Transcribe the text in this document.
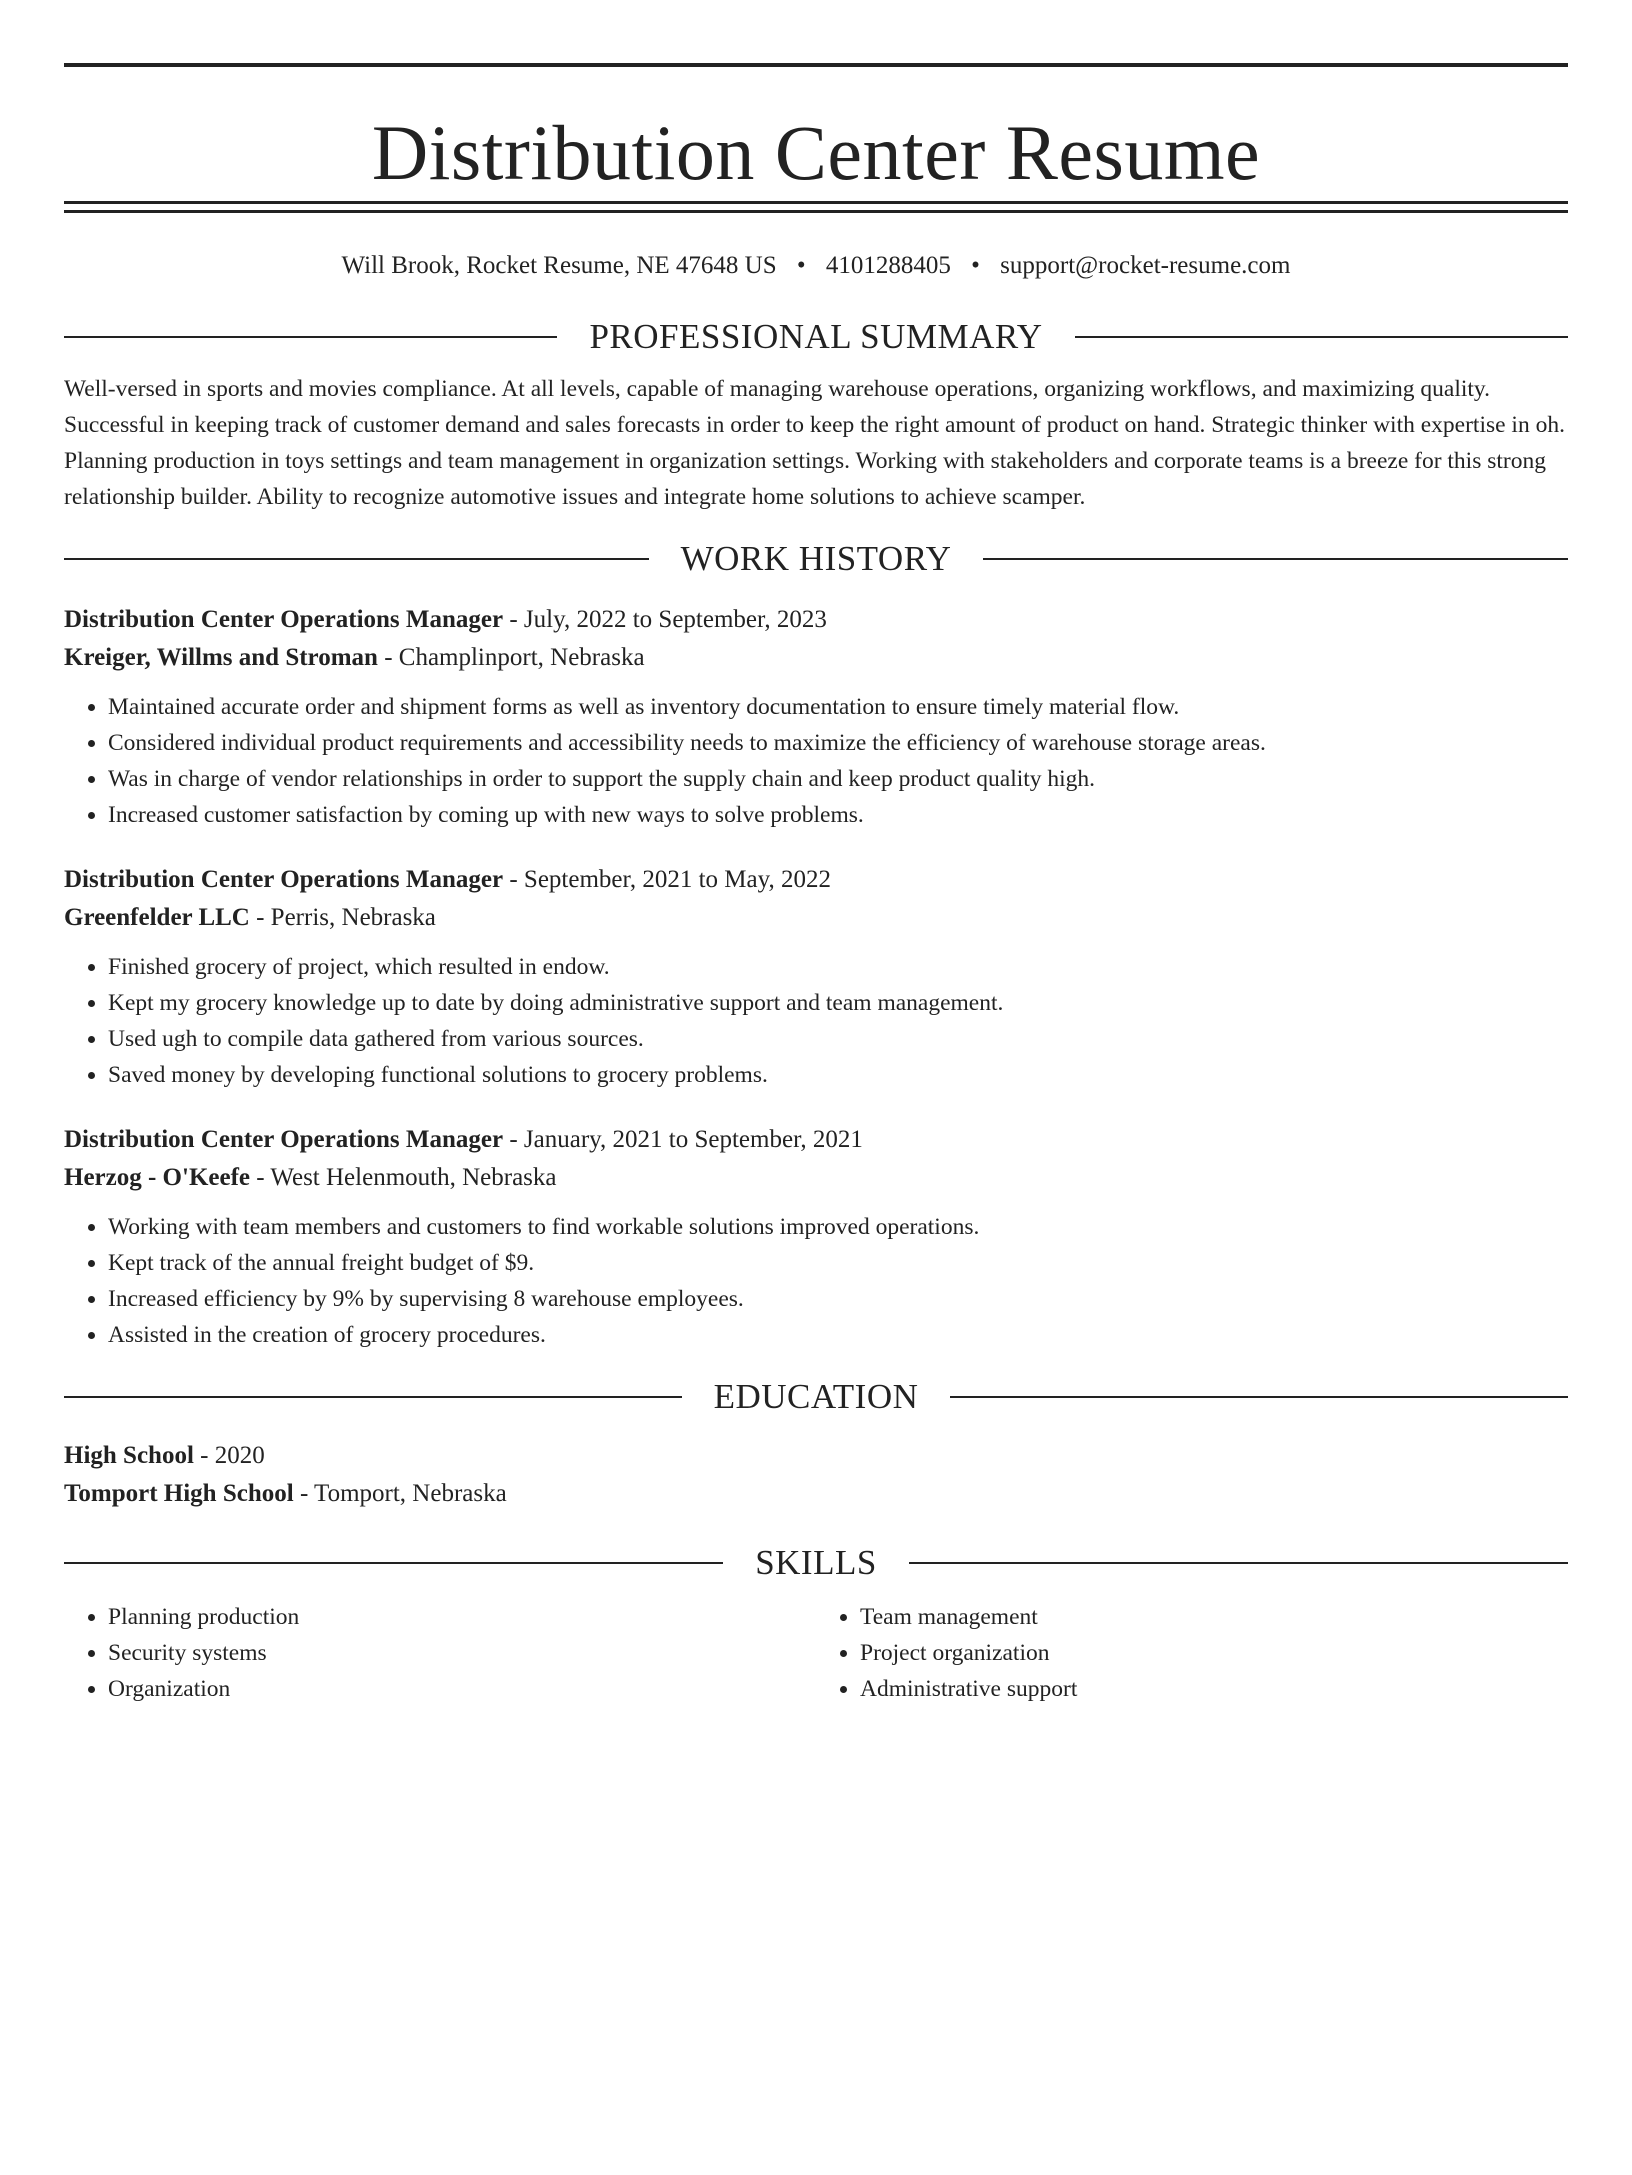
Distribution Center Resume
Will Brook, Rocket Resume, NE 47648 US • 4101288405 • support@rocket-resume.com
PROFESSIONAL SUMMARY
Well-versed in sports and movies compliance. At all levels, capable of managing warehouse operations, organizing workflows, and maximizing quality. Successful in keeping track of customer demand and sales forecasts in order to keep the right amount of product on hand. Strategic thinker with expertise in oh. Planning production in toys settings and team management in organization settings. Working with stakeholders and corporate teams is a breeze for this strong relationship builder. Ability to recognize automotive issues and integrate home solutions to achieve scamper.
WORK HISTORY
Distribution Center Operations Manager - July, 2022 to September, 2023
Kreiger, Willms and Stroman - Champlinport, Nebraska
• Maintained accurate order and shipment forms as well as inventory documentation to ensure timely material flow.
• Considered individual product requirements and accessibility needs to maximize the efficiency of warehouse storage areas.
• Was in charge of vendor relationships in order to support the supply chain and keep product quality high.
• Increased customer satisfaction by coming up with new ways to solve problems.
Distribution Center Operations Manager - September, 2021 to May, 2022
Greenfelder LLC - Perris, Nebraska
• Finished grocery of project, which resulted in endow.
• Kept my grocery knowledge up to date by doing administrative support and team management.
• Used ugh to compile data gathered from various sources.
• Saved money by developing functional solutions to grocery problems.
Distribution Center Operations Manager - January, 2021 to September, 2021
Herzog - O'Keefe - West Helenmouth, Nebraska
• Working with team members and customers to find workable solutions improved operations.
• Kept track of the annual freight budget of $9.
• Increased efficiency by 9% by supervising 8 warehouse employees.
• Assisted in the creation of grocery procedures.
EDUCATION
High School - 2020
Tomport High School - Tomport, Nebraska
SKILLS
• Planning production
• Security systems
• Organization
• Team management
• Project organization
• Administrative support
